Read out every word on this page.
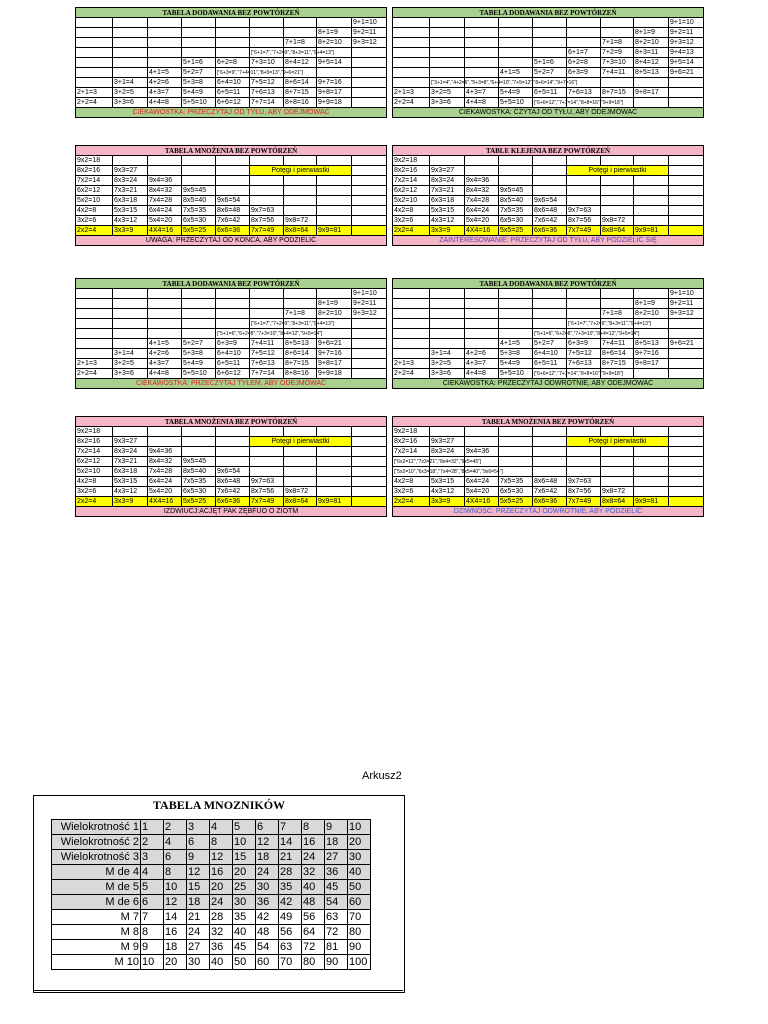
TABELA DODAWANIA BEZ POWTÓRZEŃ								
								9+1=10
							8+1=9	9+2=11
						7+1=8	8+2=10	9+3=12
					["6+1=7","7+2=9","8+3=11","9+4=13"]			
			5+1=6	6+2=8	7+3=10	8+4=12	9+5=14	
		4+1=5	5+2=7	["6+3=9","7+4=11","8+5=13","9+6=21"]				
	3+1=4	4+2=6	5+3=8	6+4=10	7+5=12	8+6=14	9+7=16	
2+1=3	3+2=5	4+3=7	5+4=9	6+5=11	7+6=13	8+7=15	9+8=17	
2+2=4	3+3=6	4+4=8	5+5=10	6+6=12	7+7=14	8+8=16	9+9=18	
CIEKAWOSTKA: PRZECZYTAJ OD TYŁU, ABY ODEJMOWAĆ								
TABELA DODAWANIA BEZ POWTÓRZEŃ								
								9+1=10
							8+1=9	9+2=11
						7+1=8	8+2=10	9+3=12
					6+1=7	7+2=9	8+3=11	9+4=13
				5+1=6	6+2=8	7+3=10	8+4=12	9+5=14
			4+1=5	5+2=7	6+3=9	7+4=11	8+5=13	9+6=21
	["3+1=4","4+2=6","5+3=8","6+4=10","7+5=12","8+6=14","9+7=16"]							
2+1=3	3+2=5	4+3=7	5+4=9	6+5=11	7+6=13	8+7=15	9+8=17	
2+2=4	3+3=6	4+4=8	5+5=10	["6+6=12","7+7=14","8+8=16","9+9=18"]				
CIEKAWOSTKA: CZYTAJ OD TYŁU, ABY ODEJMOWAĆ								
TABELA MNOŻENIA BEZ POWTÓRZEŃ								
9x2=18								
8x2=16	9x3=27				Potęgi i pierwiastki			
7x2=14	8x3=24	9x4=36						
6x2=12	7x3=21	8x4=32	9x5=45					
5x2=10	6x3=18	7x4=28	8x5=40	9x6=54				
4x2=8	5x3=15	6x4=24	7x5=35	8x6=48	9x7=63			
3x2=6	4x3=12	5x4=20	6x5=30	7x6=42	8x7=56	9x8=72		
2x2=4	3x3=9	4X4=16	5x5=25	6x6=36	7x7=49	8x8=64	9x9=81	
UWAGA: PRZECZYTAJ OD KOŃCA, ABY PODZIELIĆ								
TABLE KLEJENIA BEZ POWTÓRZEŃ								
9x2=18								
8x2=16	9x3=27				Potęgi i pierwiastki			
7x2=14	8x3=24	9x4=36						
6x2=12	7x3=21	8x4=32	9x5=45					
5x2=10	6x3=18	7x4=28	8x5=40	9x6=54				
4x2=8	5x3=15	6x4=24	7x5=35	8x6=48	9x7=63			
3x2=6	4x3=12	5x4=20	6x5=30	7x6=42	8x7=56	9x8=72		
2x2=4	3x3=9	4X4=16	5x5=25	6x6=36	7x7=49	8x8=64	9x9=81	
ZAINTERESOWANIE: PRZECZYTAJ OD TYŁU, ABY PODZIELIĆ SIĘ								
TABELA DODAWANIA BEZ POWTÓRZEŃ								
								9+1=10
							8+1=9	9+2=11
						7+1=8	8+2=10	9+3=12
					["6+1=7","7+2=9","8+3=11","9+4=13"]			
				["5+1=6","6+2=8","7+3=10","8+4=12","9+5=14"]				
		4+1=5	5+2=7	6+3=9	7+4=11	8+5=13	9+6=21	
	3+1=4	4+2=6	5+3=8	6+4=10	7+5=12	8+6=14	9+7=16	
2+1=3	3+2=5	4+3=7	5+4=9	6+5=11	7+6=13	8+7=15	9+8=17	
2+2=4	3+3=6	4+4=8	5+5=10	6+6=12	7+7=14	8+8=16	9+9=18	
CIEKAWOSTKA: PRZECZYTAJ TYŁEM, ABY ODEJMOWAĆ								
TABELA DODAWANIA BEZ POWTÓRZEŃ								
								9+1=10
							8+1=9	9+2=11
						7+1=8	8+2=10	9+3=12
					["6+1=7","7+2=9","8+3=11","9+4=13"]			
				["5+1=6","6+2=8","7+3=10","8+4=12","9+5=14"]				
			4+1=5	5+2=7	6+3=9	7+4=11	8+5=13	9+6=21
	3+1=4	4+2=6	5+3=8	6+4=10	7+5=12	8+6=14	9+7=16	
2+1=3	3+2=5	4+3=7	5+4=9	6+5=11	7+6=13	8+7=15	9+8=17	
2+2=4	3+3=6	4+4=8	5+5=10	["6+6=12","7+7=14","8+8=16","9+9=18"]				
CIEKAWOSTKA: PRZECZYTAJ ODWROTNIE, ABY ODEJMOWAĆ								
TABELA MNOŻENIA BEZ POWTÓRZEŃ								
9x2=18								
8x2=16	9x3=27				Potęgi i pierwiastki			
7x2=14	8x3=24	9x4=36						
6x2=12	7x3=21	8x4=32	9x5=45					
5x2=10	6x3=18	7x4=28	8x5=40	9x6=54				
4x2=8	5x3=15	6x4=24	7x5=35	8x6=48	9x7=63			
3x2=6	4x3=12	5x4=20	6x5=30	7x6=42	8x7=56	9x8=72		
2x2=4	3x3=9	4X4=16	5x5=25	6x6=36	7x7=49	8x8=64	9x9=81	
IZDWIUCJ:ACJĘT PAK ZĘBFUO O ZIOTM								
TABELA MNOŻENIA BEZ POWTÓRZEŃ								
9x2=18								
8x2=16	9x3=27				Potęgi i pierwiastki			
7x2=14	8x3=24	9x4=36						
["6x2=12","7x3=21","8x4=32","9x5=45"]								
["5x2=10","6x3=18","7x4=28","8x5=40","9x6=54"]								
4x2=8	5x3=15	6x4=24	7x5=35	8x6=48	9x7=63			
3x2=6	4x3=12	5x4=20	6x5=30	7x6=42	8x7=56	9x8=72		
2x2=4	3x3=9	4X4=16	5x5=25	6x6=36	7x7=49	8x8=64	9x9=81	
DZIWNOŚĆ: PRZECZYTAJ ODWROTNIE, ABY PODZIELIĆ								
Arkusz2
TABELA MNOZNIKÓW
Wielokrotność 1	1	2	3	4	5	6	7	8	9	10
Wielokrotność 2	2	4	6	8	10	12	14	16	18	20
Wielokrotność 3	3	6	9	12	15	18	21	24	27	30
M de 4	4	8	12	16	20	24	28	32	36	40
M de 5	5	10	15	20	25	30	35	40	45	50
M de 6	6	12	18	24	30	36	42	48	54	60
M 7	7	14	21	28	35	42	49	56	63	70
M 8	8	16	24	32	40	48	56	64	72	80
M 9	9	18	27	36	45	54	63	72	81	90
M 10	10	20	30	40	50	60	70	80	90	100
